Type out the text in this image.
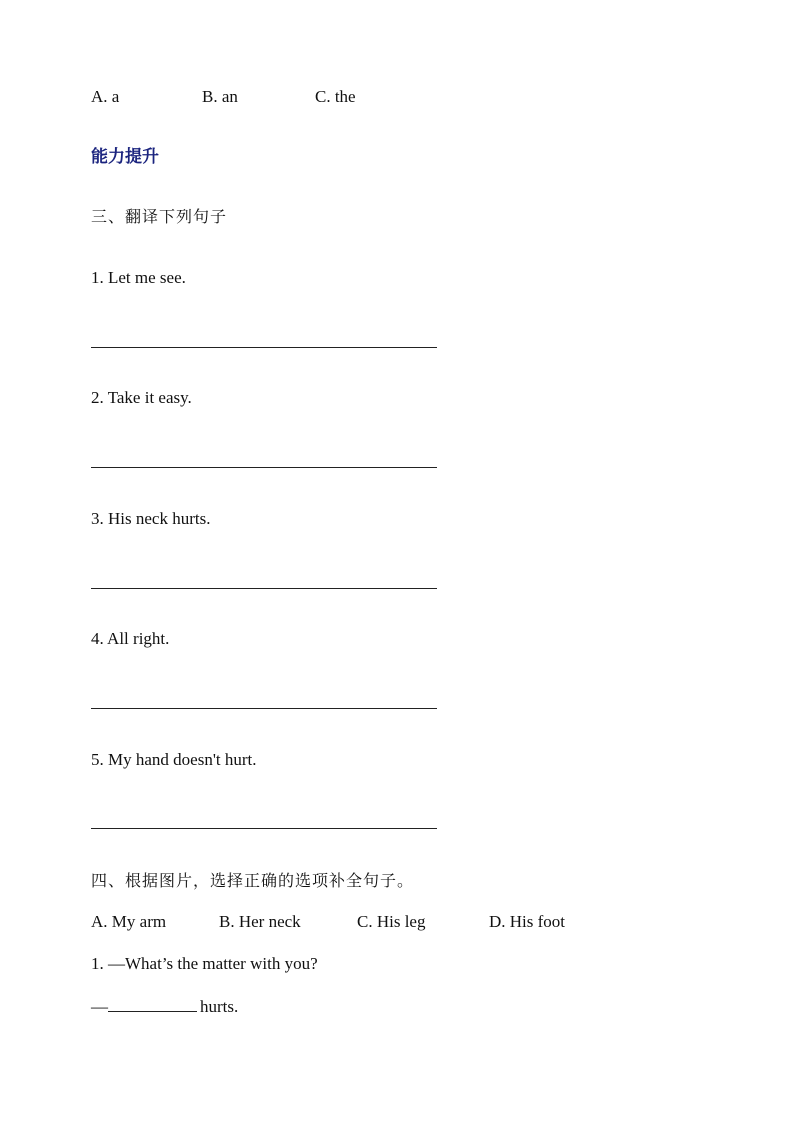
A. a	B. an	C. the
能力提升
三、翻译下列句子
1. Let me see.
2. Take it easy.
3. His neck hurts.
4. All right.
5. My hand doesn't hurt.
四、根据图片，选择正确的选项补全句子。
A. My arm	B. Her neck	C. His leg	D. His foot
1. —What’s the matter with you?
—	hurts.
